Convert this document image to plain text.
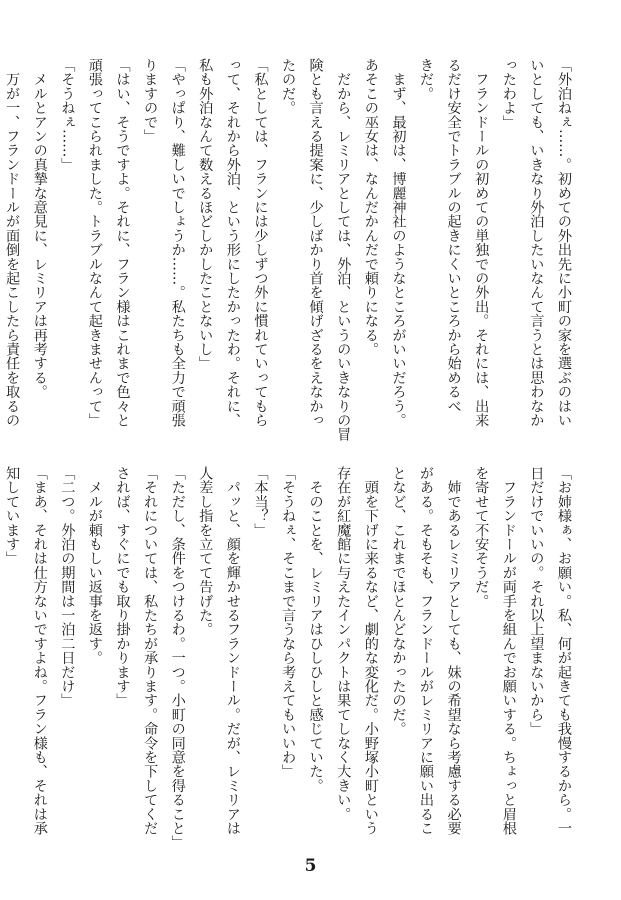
「外泊ねぇ……。初めての外出先に小町の家を選ぶのはい
いとしても、いきなり外泊したいなんて言うとは思わなか
ったわよ」
　フランドールの初めての単独での外出。それには、出来
るだけ安全でトラブルの起きにくいところから始めるべ
きだ。
　まず、最初は、博麗神社のようなところがいいだろう。
あそこの巫女は、なんだかんだで頼りになる。
　だから、レミリアとしては、外泊、というのいきなりの冒
険とも言える提案に、少しばかり首を傾げざるをえなかっ
たのだ。
「私としては、フランには少しずつ外に慣れていってもら
って、それから外泊、という形にしたかったわ。それに、
私も外泊なんて数えるほどしかしたことないし」
「やっぱり、難しいでしょうか……。私たちも全力で頑張
りますので」
「はい、そうですよ。それに、フラン様はこれまで色々と
頑張ってこられました。トラブルなんて起きませんって」
「そうねぇ……」
　メルとアンの真摯な意見に、レミリアは再考する。
　万が一、フランドールが面倒を起こしたら責任を取るの
「お姉様ぁ、お願い。私、何が起きても我慢するから。一
日だけでいいの。それ以上望まないから」
　フランドールが両手を組んでお願いする。ちょっと眉根
を寄せて不安そうだ。
　姉であるレミリアとしても、妹の希望なら考慮する必要
がある。そもそも、フランドールがレミリアに願い出るこ
となど、これまでほとんどなかったのだ。
　頭を下げに来るなど、劇的な変化だ。小野塚小町という
存在が紅魔館に与えたインパクトは果てしなく大きい。
　そのことを、レミリアはひしひしと感じていた。
「そうねぇ、そこまで言うなら考えてもいいわ」
「本当？」
　パッと、顔を輝かせるフランドール。だが、レミリアは
人差し指を立てて告げた。
「ただし、条件をつけるわ。一つ。小町の同意を得ること」
「それについては、私たちが承ります。命令を下してくだ
されば、すぐにでも取り掛かります」
　メルが頼もしい返事を返す。
「二つ。外泊の期間は一泊二日だけ」
「まあ、それは仕方ないですよね。フラン様も、それは承
知しています」
5
